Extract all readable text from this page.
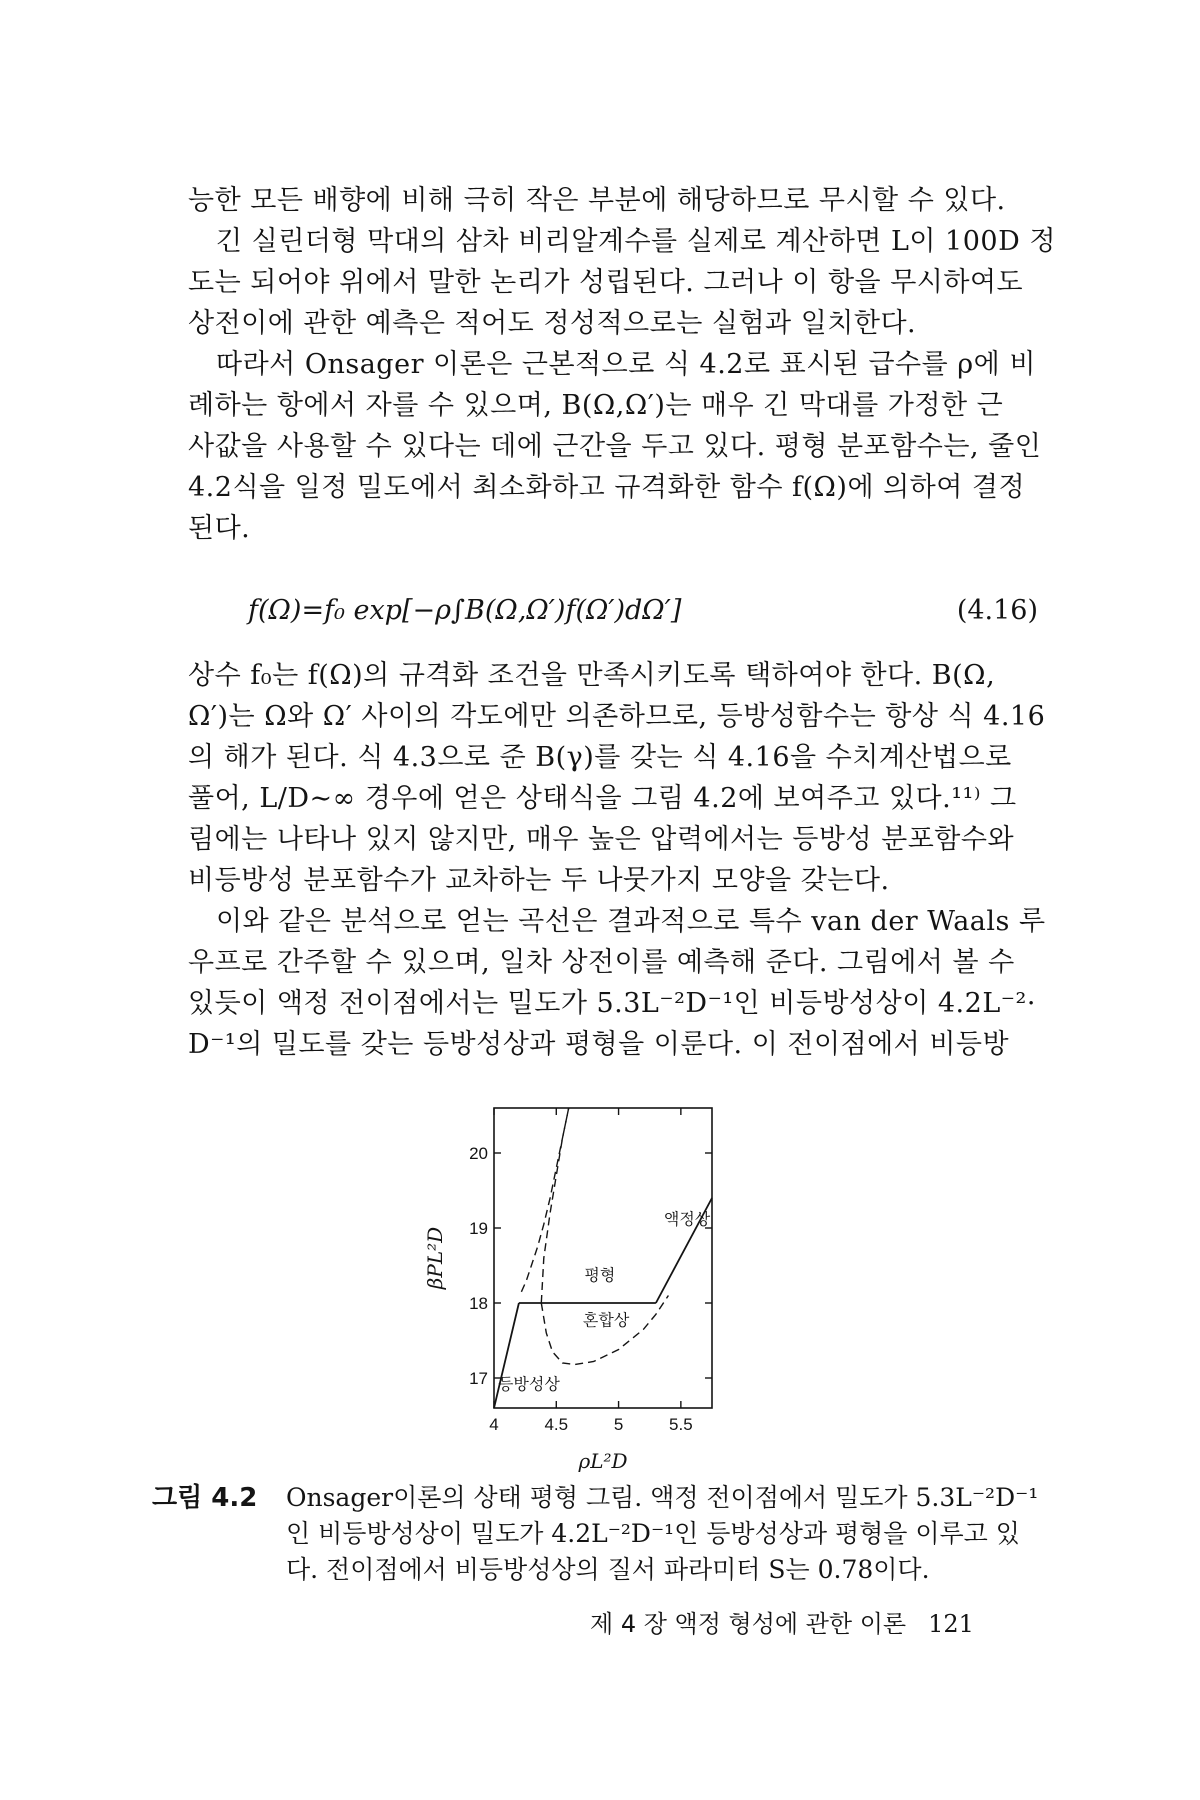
능한 모든 배향에 비해 극히 작은 부분에 해당하므로 무시할 수 있다.
긴 실린더형 막대의 삼차 비리알계수를 실제로 계산하면 L이 100D 정
도는 되어야 위에서 말한 논리가 성립된다. 그러나 이 항을 무시하여도
상전이에 관한 예측은 적어도 정성적으로는 실험과 일치한다.
따라서 Onsager 이론은 근본적으로 식 4.2로 표시된 급수를 ρ에 비
례하는 항에서 자를 수 있으며, B(Ω,Ω′)는 매우 긴 막대를 가정한 근
사값을 사용할 수 있다는 데에 근간을 두고 있다. 평형 분포함수는, 줄인
4.2식을 일정 밀도에서 최소화하고 규격화한 함수 f(Ω)에 의하여 결정
된다.
f(Ω)=f₀ exp[−ρ∫B(Ω,Ω′)f(Ω′)dΩ′]	(4.16)
상수 f₀는 f(Ω)의 규격화 조건을 만족시키도록 택하여야 한다. B(Ω,
Ω′)는 Ω와 Ω′ 사이의 각도에만 의존하므로, 등방성함수는 항상 식 4.16
의 해가 된다. 식 4.3으로 준 B(γ)를 갖는 식 4.16을 수치계산법으로
풀어, L/D∼∞ 경우에 얻은 상태식을 그림 4.2에 보여주고 있다.¹¹⁾ 그
림에는 나타나 있지 않지만, 매우 높은 압력에서는 등방성 분포함수와
비등방성 분포함수가 교차하는 두 나뭇가지 모양을 갖는다.
이와 같은 분석으로 얻는 곡선은 결과적으로 특수 van der Waals 루
우프로 간주할 수 있으며, 일차 상전이를 예측해 준다. 그림에서 볼 수
있듯이 액정 전이점에서는 밀도가 5.3L⁻²D⁻¹인 비등방성상이 4.2L⁻²·
D⁻¹의 밀도를 갖는 등방성상과 평형을 이룬다. 이 전이점에서 비등방
4	4.5	5	5.5
17
18
19
20
ρL²D
βPL²D
액정상
평형
혼합상
등방성상
그림 4.2 Onsager이론의 상태 평형 그림. 액정 전이점에서 밀도가 5.3L⁻²D⁻¹
인 비등방성상이 밀도가 4.2L⁻²D⁻¹인 등방성상과 평형을 이루고 있
다. 전이점에서 비등방성상의 질서 파라미터 S는 0.78이다.
제 4 장 액정 형성에 관한 이론 121
